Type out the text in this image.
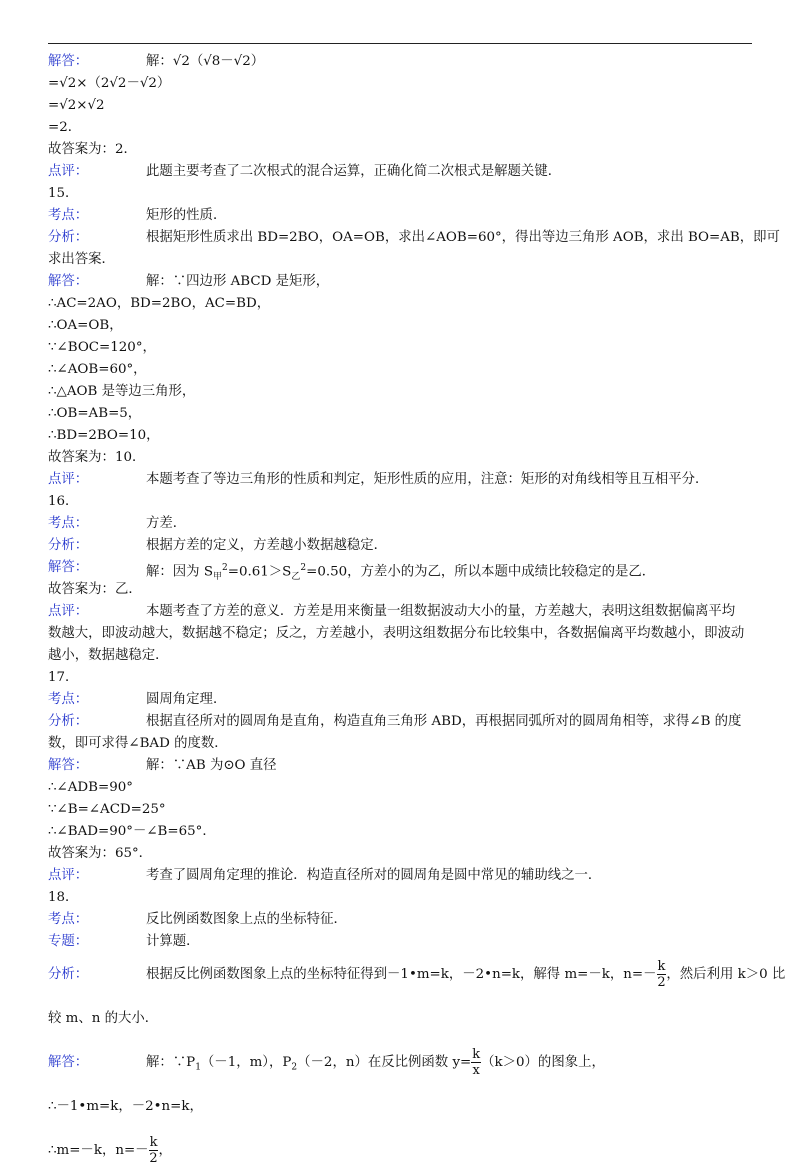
解答：	解：√2（√8－√2）
=√2×（2√2－√2）
=√2×√2
=2．
故答案为：2．
点评：	此题主要考查了二次根式的混合运算，正确化简二次根式是解题关键．
15．
考点：	矩形的性质．
分析：	根据矩形性质求出 BD=2BO，OA=OB，求出∠AOB=60°，得出等边三角形 AOB，求出 BO=AB，即可
求出答案．
解答：	解：∵四边形 ABCD 是矩形，
∴AC=2AO，BD=2BO，AC=BD，
∴OA=OB，
∵∠BOC=120°，
∴∠AOB=60°，
∴△AOB 是等边三角形，
∴OB=AB=5，
∴BD=2BO=10，
故答案为：10．
点评：	本题考查了等边三角形的性质和判定，矩形性质的应用，注意：矩形的对角线相等且互相平分．
16．
考点：	方差．
分析：	根据方差的定义，方差越小数据越稳定．
解答：	解：因为 $S_甲^2=0.61>S_乙^2=0.50$，方差小的为乙，所以本题中成绩比较稳定的是乙．
故答案为：乙．
点评：	本题考查了方差的意义．方差是用来衡量一组数据波动大小的量，方差越大，表明这组数据偏离平均
数越大，即波动越大，数据越不稳定；反之，方差越小，表明这组数据分布比较集中，各数据偏离平均数越小，即波动
越小，数据越稳定．
17．
考点：	圆周角定理．
分析：	根据直径所对的圆周角是直角，构造直角三角形 ABD，再根据同弧所对的圆周角相等，求得∠B 的度
数，即可求得∠BAD 的度数．
解答：	解：∵AB 为⊙O 直径
∴∠ADB=90°
∵∠B=∠ACD=25°
∴∠BAD=90°－∠B=65°．
故答案为：65°．
点评：	考查了圆周角定理的推论．构造直径所对的圆周角是圆中常见的辅助线之一．
18．
考点：	反比例函数图象上点的坐标特征．
专题：	计算题．
分析：	根据反比例函数图象上点的坐标特征得到－1•m=k，－2•n=k，解得 m=－k，$n=- \frac{k}{2}$ ，然后利用 k＞0 比
较 m、n 的大小．
解答：	解：$\because P_1(-1$，m），$P_2(-2$，n）在反比例函数 $y= \frac{k}{x} (k>0)$的图象上，
∴－1•m=k，－2•n=k，
∴m=－k，$n=- \frac{k}{2}$ ，
